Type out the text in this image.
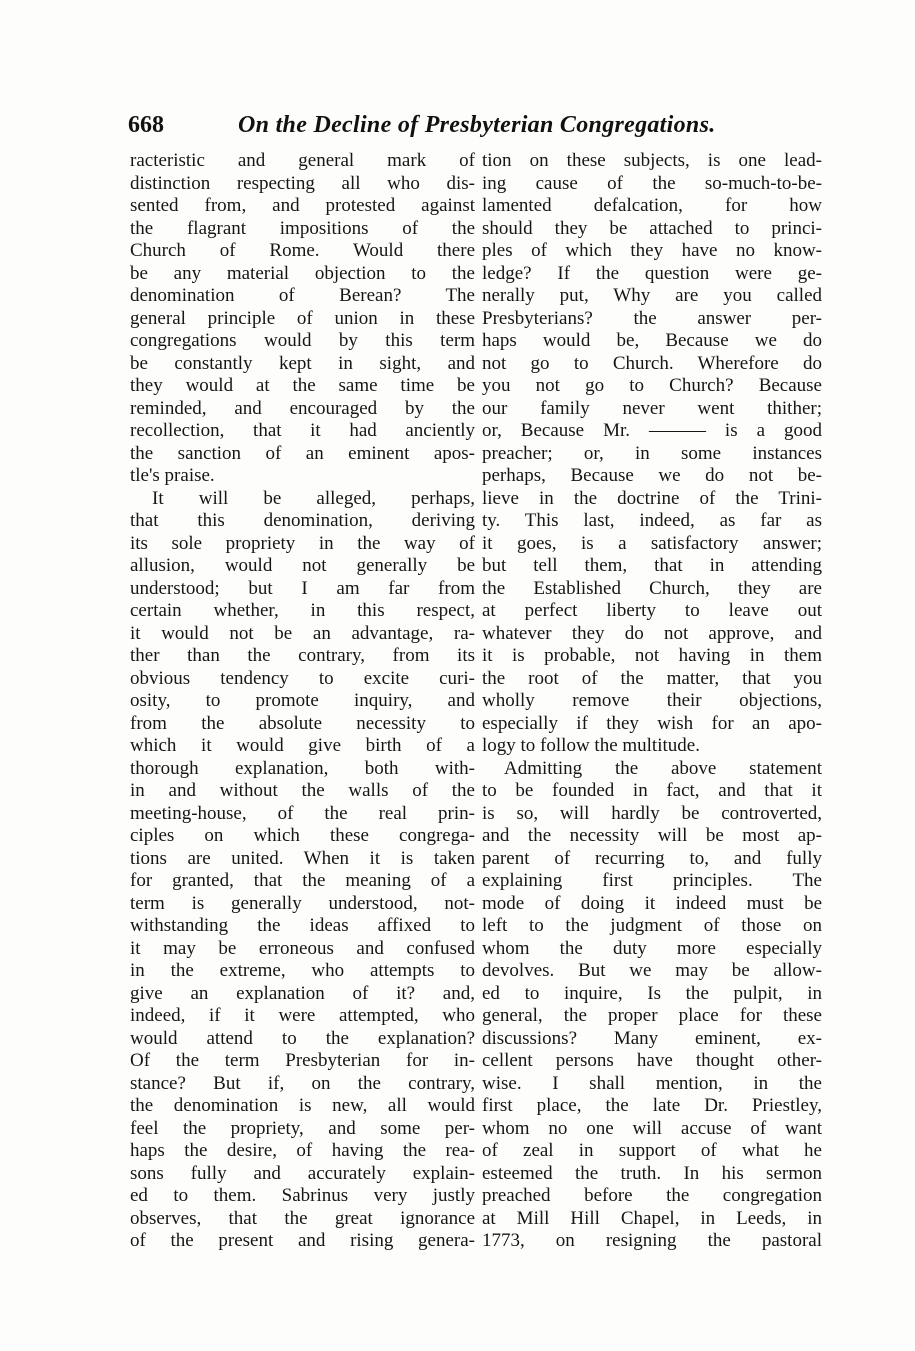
668	On the Decline of Presbyterian Congregations.
racteristic and general mark of
distinction respecting all who dis-
sented from, and protested against
the flagrant impositions of the
Church of Rome. Would there
be any material objection to the
denomination of Berean? The
general principle of union in these
congregations would by this term
be constantly kept in sight, and
they would at the same time be
reminded, and encouraged by the
recollection, that it had anciently
the sanction of an eminent apos-
tle's praise.
It will be alleged, perhaps,
that this denomination, deriving
its sole propriety in the way of
allusion, would not generally be
understood; but I am far from
certain whether, in this respect,
it would not be an advantage, ra-
ther than the contrary, from its
obvious tendency to excite curi-
osity, to promote inquiry, and
from the absolute necessity to
which it would give birth of a
thorough explanation, both with-
in and without the walls of the
meeting-house, of the real prin-
ciples on which these congrega-
tions are united. When it is taken
for granted, that the meaning of a
term is generally understood, not-
withstanding the ideas affixed to
it may be erroneous and confused
in the extreme, who attempts to
give an explanation of it? and,
indeed, if it were attempted, who
would attend to the explanation?
Of the term Presbyterian for in-
stance? But if, on the contrary,
the denomination is new, all would
feel the propriety, and some per-
haps the desire, of having the rea-
sons fully and accurately explain-
ed to them. Sabrinus very justly
observes, that the great ignorance
of the present and rising genera-
tion on these subjects, is one lead-
ing cause of the so-much-to-be-
lamented defalcation, for how
should they be attached to princi-
ples of which they have no know-
ledge? If the question were ge-
nerally put, Why are you called
Presbyterians? the answer per-
haps would be, Because we do
not go to Church. Wherefore do
you not go to Church? Because
our family never went thither;
or, Because Mr. ——— is a good
preacher; or, in some instances
perhaps, Because we do not be-
lieve in the doctrine of the Trini-
ty. This last, indeed, as far as
it goes, is a satisfactory answer;
but tell them, that in attending
the Established Church, they are
at perfect liberty to leave out
whatever they do not approve, and
it is probable, not having in them
the root of the matter, that you
wholly remove their objections,
especially if they wish for an apo-
logy to follow the multitude.
Admitting the above statement
to be founded in fact, and that it
is so, will hardly be controverted,
and the necessity will be most ap-
parent of recurring to, and fully
explaining first principles. The
mode of doing it indeed must be
left to the judgment of those on
whom the duty more especially
devolves. But we may be allow-
ed to inquire, Is the pulpit, in
general, the proper place for these
discussions? Many eminent, ex-
cellent persons have thought other-
wise. I shall mention, in the
first place, the late Dr. Priestley,
whom no one will accuse of want
of zeal in support of what he
esteemed the truth. In his sermon
preached before the congregation
at Mill Hill Chapel, in Leeds, in
1773, on resigning the pastoral
